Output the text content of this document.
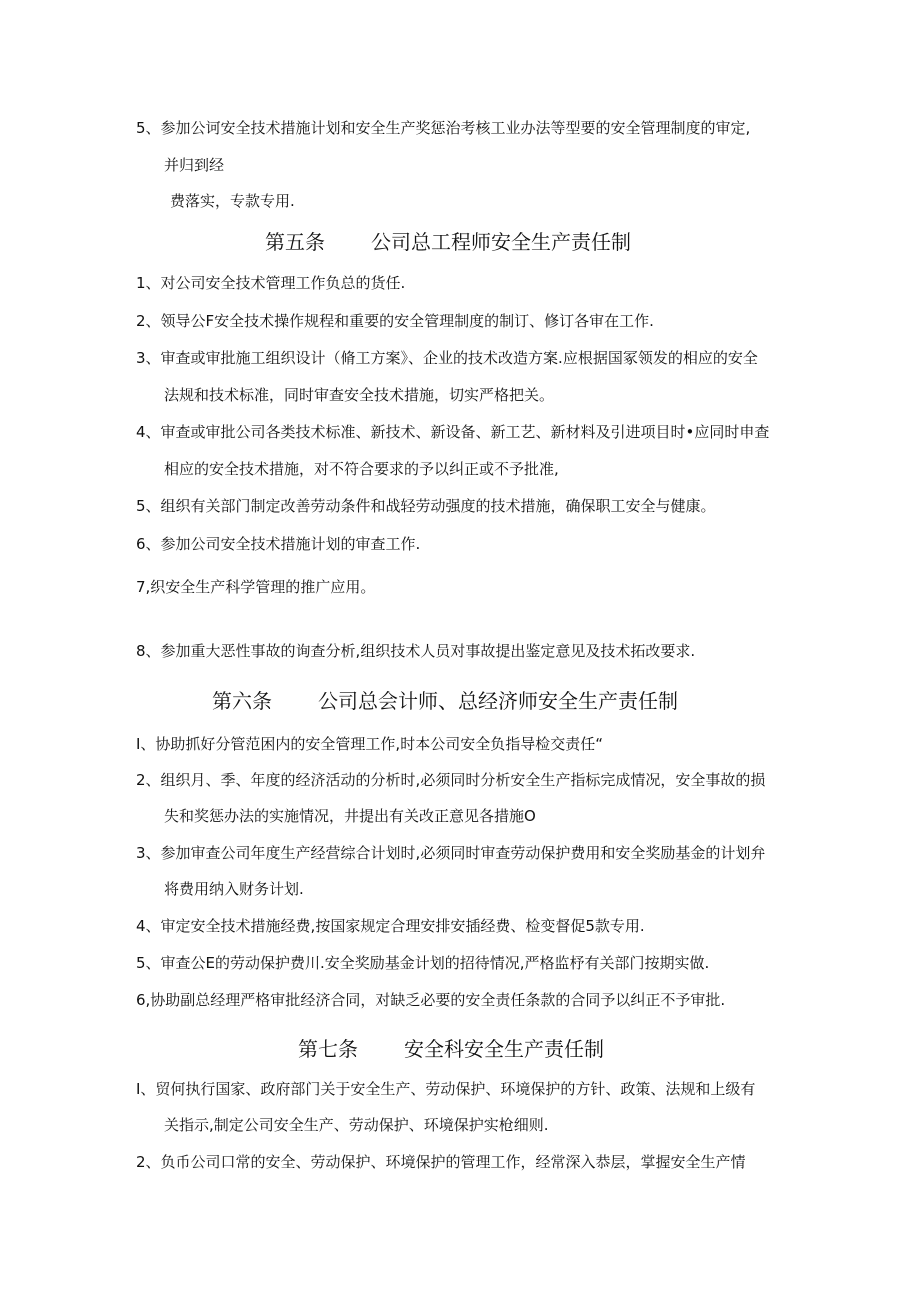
5、参加公诃安全技术措施计划和安全生产奖惩治考核工业办法等型要的安全管理制度的审定,
并归到经
费落实，专款专用.
第五条 公司总工程师安全生产责任制
1、对公司安全技术管理工作负总的货任.
2、领导公F安全技术操作规程和重要的安全管理制度的制订、修订各审在工作.
3、审查或审批施工组织设计（脩工方案》、企业的技术改造方案.应根据国冢领发的相应的安全
法规和技术标准，同时审查安全技术措施，切实严格把关。
4、审查或审批公司各类技术标准、新技术、新设备、新工艺、新材料及引进项目时•应同时申查
相应的安全技术措施，对不符合要求的予以纠正或不予批准,
5、组织有关部门制定改善劳动条件和战轻劳动强度的技术措施，确保职工安全与健康。
6、参加公司安全技术措施计划的审查工作.
7,织安全生产科学管理的推广应用。
8、参加重大恶性事故的询查分析,组织技术人员对事故提出鉴定意见及技术拓改要求.
第六条 公司总会计师、总经济师安全生产责任制
I、协助抓好分管范困内的安全管理工作,时本公司安全负指导检交责任“
2、组织月、季、年度的经济活动的分析时,必须同时分析安全生产指标完成情况，安全事故的损
失和奖惩办法的实施情况，井提出有关改正意见各措施O
3、参加审查公司年度生产经营综合计划时,必须同时审查劳动保护费用和安全奖励基金的计划弁
将费用纳入财务计划.
4、审定安全技术措施经费,按国家规定合理安排安插经费、检变督促5款专用.
5、审查公E的劳动保护费川.安全奖励基金计划的招待情况,严格监杼有关部门按期实做.
6,协助副总经理严格审批经济合同，对缺乏必要的安全责任条款的合同予以纠正不予审批.
第七条 安全科安全生产责任制
I、贸何执行国家、政府部门关于安全生产、劳动保护、环境保护的方针、政策、法规和上级有
关指示,制定公司安全生产、劳动保护、环境保护实枪细则.
2、负币公司口常的安全、劳动保护、环境保护的管理工作，经常深入恭层，掌握安全生产情
